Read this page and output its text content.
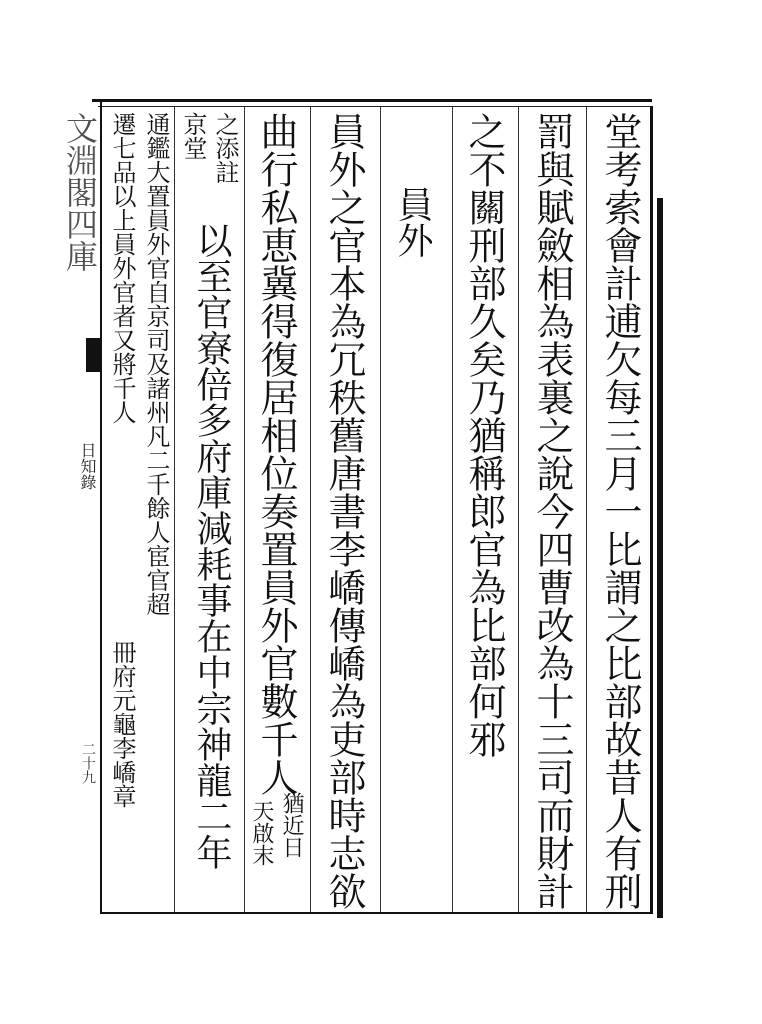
文淵閣四庫
日知錄
二十九	堂考索會計逋欠每三月一比謂之比部故昔人有刑
罰與賦斂相為表裏之說今四曹改為十三司而財計
之不關刑部久矣乃猶稱郎官為比部何邪
員外
員外之官本為冗秩舊唐書李嶠傳嶠為吏部時志欲
曲行私恵冀得復居相位奏置員外官數千人
猶近日
天啟末
之添註
京堂
以至官寮倍多府庫減耗事在中宗神龍二年
通鑑大置員外官自京司及諸州凡二千餘人宦官超
遷七品以上員外官者又將千人
冊府元龜李嶠章
